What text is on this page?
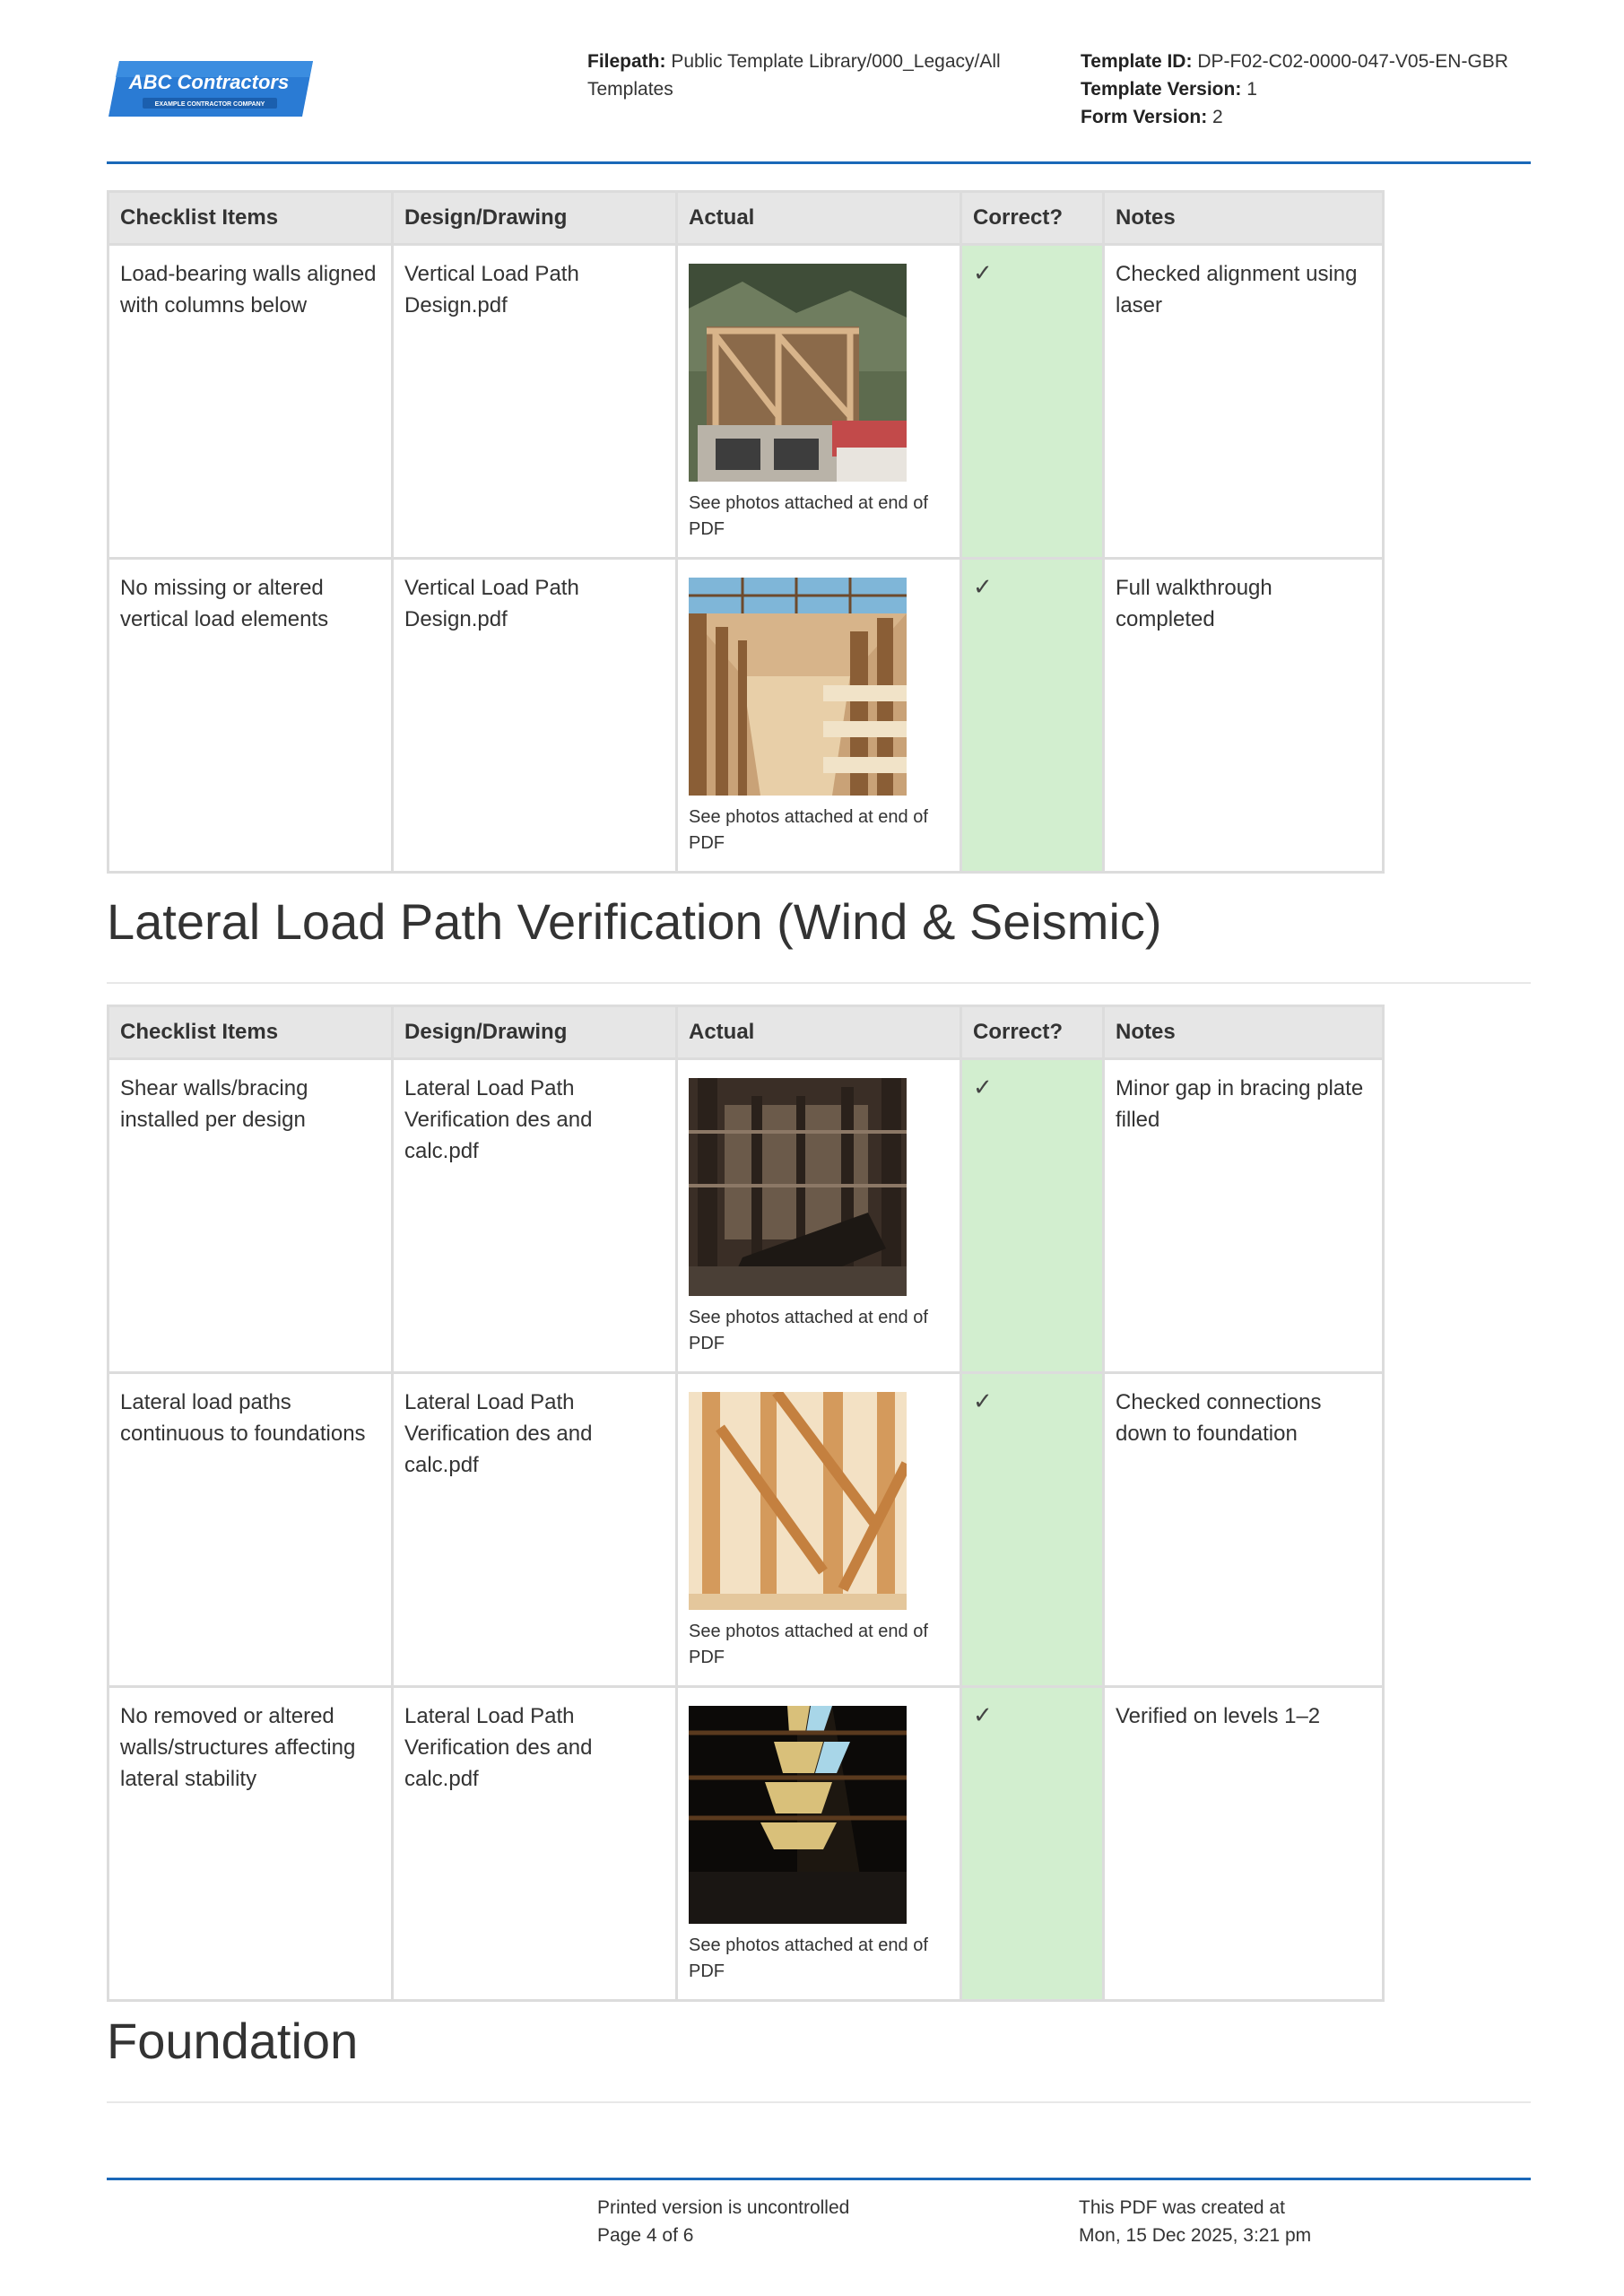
ABC Contractors
EXAMPLE CONTRACTOR COMPANY
Filepath: Public Template Library/000_Legacy/All Templates
Template ID: DP-F02-C02-0000-047-V05-EN-GBR
Template Version: 1
Form Version: 2
Checklist Items	Design/Drawing	Actual	Correct?	Notes
Load-bearing walls aligned with columns below	Vertical Load Path Design.pdf	See photos attached at end of PDF	✓	Checked alignment using laser
No missing or altered vertical load elements	Vertical Load Path Design.pdf	See photos attached at end of PDF	✓	Full walkthrough completed
Lateral Load Path Verification (Wind & Seismic)
Checklist Items	Design/Drawing	Actual	Correct?	Notes
Shear walls/bracing installed per design	Lateral Load Path Verification des and calc.pdf	See photos attached at end of PDF	✓	Minor gap in bracing plate filled
Lateral load paths continuous to foundations	Lateral Load Path Verification des and calc.pdf	See photos attached at end of PDF	✓	Checked connections down to foundation
No removed or altered walls/structures affecting lateral stability	Lateral Load Path Verification des and calc.pdf	See photos attached at end of PDF	✓	Verified on levels 1–2
Foundation
Printed version is uncontrolled
Page 4 of 6
This PDF was created at
Mon, 15 Dec 2025, 3:21 pm
